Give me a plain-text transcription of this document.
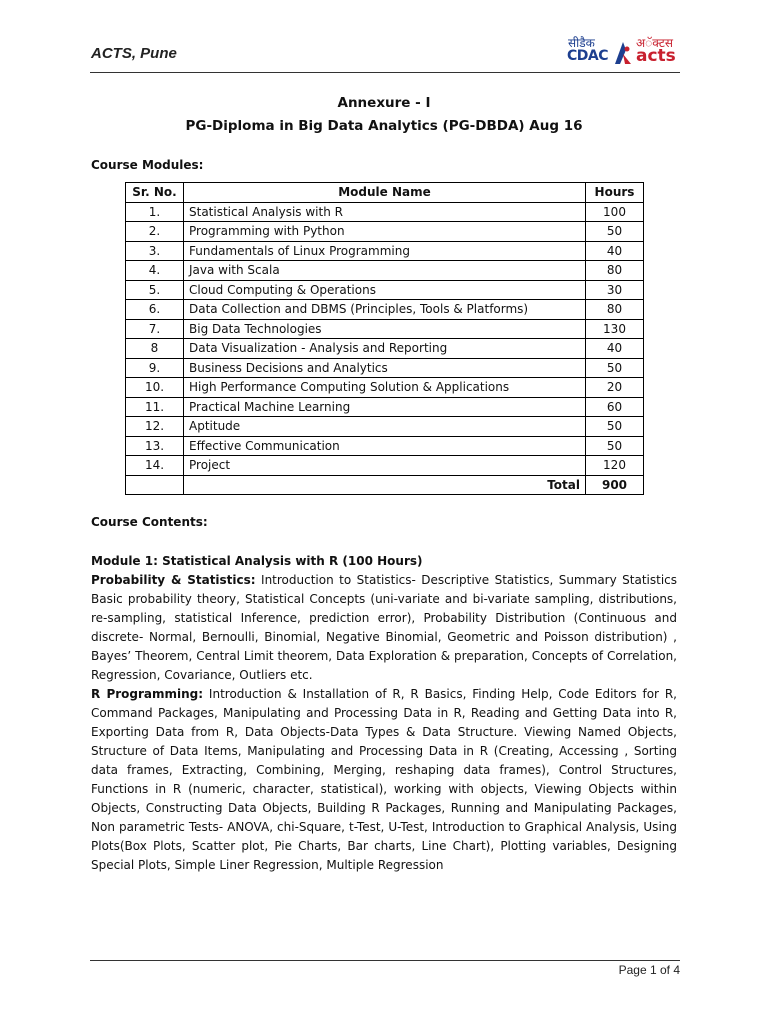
ACTS, Pune
सीडैक
CDAC
अॅक्टस
acts
Annexure - I
PG-Diploma in Big Data Analytics (PG-DBDA) Aug 16
Course Modules:
Sr. No.	Module Name	Hours
1.	Statistical Analysis with R	100
2.	Programming with Python	50
3.	Fundamentals of Linux Programming	40
4.	Java with Scala	80
5.	Cloud Computing & Operations	30
6.	Data Collection and DBMS (Principles, Tools & Platforms)	80
7.	Big Data Technologies	130
8	Data Visualization - Analysis and Reporting	40
9.	Business Decisions and Analytics	50
10.	High Performance Computing Solution & Applications	20
11.	Practical Machine Learning	60
12.	Aptitude	50
13.	Effective Communication	50
14.	Project	120
	Total	900
Course Contents:
Module 1: Statistical Analysis with R (100 Hours)
Probability & Statistics: Introduction to Statistics- Descriptive Statistics, Summary Statistics Basic probability theory, Statistical Concepts (uni-variate and bi-variate sampling, distributions, re-sampling, statistical Inference, prediction error), Probability Distribution (Continuous and discrete- Normal, Bernoulli, Binomial, Negative Binomial, Geometric and Poisson distribution) , Bayes’ Theorem, Central Limit theorem, Data Exploration & preparation, Concepts of Correlation, Regression, Covariance, Outliers etc.
R Programming: Introduction & Installation of R, R Basics, Finding Help, Code Editors for R, Command Packages, Manipulating and Processing Data in R, Reading and Getting Data into R, Exporting Data from R, Data Objects-Data Types & Data Structure. Viewing Named Objects, Structure of Data Items, Manipulating and Processing Data in R (Creating, Accessing , Sorting data frames, Extracting, Combining, Merging, reshaping data frames), Control Structures, Functions in R (numeric, character, statistical), working with objects, Viewing Objects within Objects, Constructing Data Objects, Building R Packages, Running and Manipulating Packages, Non parametric Tests- ANOVA, chi-Square, t-Test, U-Test, Introduction to Graphical Analysis, Using Plots(Box Plots, Scatter plot, Pie Charts, Bar charts, Line Chart), Plotting variables, Designing Special Plots, Simple Liner Regression, Multiple Regression
Page 1 of 4
